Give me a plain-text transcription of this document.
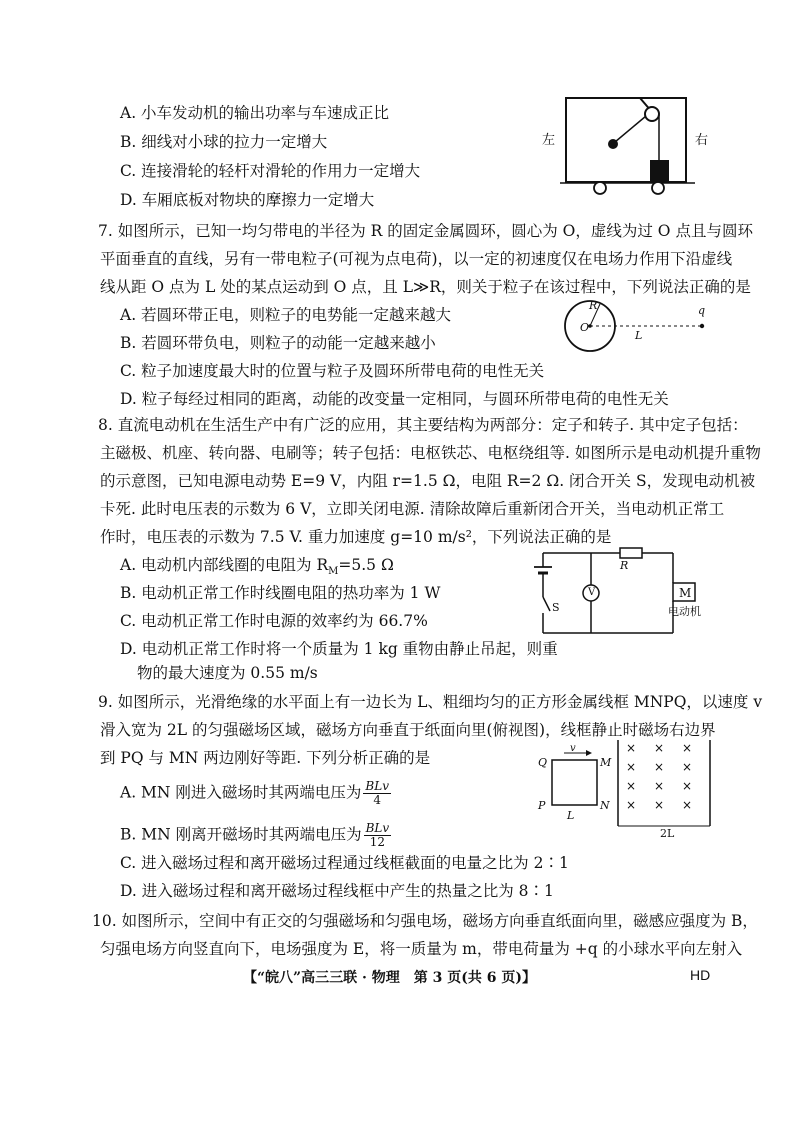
A. 小车发动机的输出功率与车速成正比
B. 细线对小球的拉力一定增大
C. 连接滑轮的轻杆对滑轮的作用力一定增大
D. 车厢底板对物块的摩擦力一定增大
左	右
7. 如图所示，已知一均匀带电的半径为 R 的固定金属圆环，圆心为 O，虚线为过 O 点且与圆环
平面垂直的直线，另有一带电粒子(可视为点电荷)，以一定的初速度仅在电场力作用下沿虚线
线从距 O 点为 L 处的某点运动到 O 点，且 L≫R，则关于粒子在该过程中，下列说法正确的是
A. 若圆环带正电，则粒子的电势能一定越来越大
B. 若圆环带负电，则粒子的动能一定越来越小
C. 粒子加速度最大时的位置与粒子及圆环所带电荷的电性无关
D. 粒子每经过相同的距离，动能的改变量一定相同，与圆环所带电荷的电性无关
R
O
L
q
8. 直流电动机在生活生产中有广泛的应用，其主要结构为两部分：定子和转子. 其中定子包括：
主磁极、机座、转向器、电刷等；转子包括：电枢铁芯、电枢绕组等. 如图所示是电动机提升重物
的示意图，已知电源电动势 E=9 V，内阻 r=1.5 Ω，电阻 R=2 Ω. 闭合开关 S，发现电动机被
卡死. 此时电压表的示数为 6 V，立即关闭电源. 清除故障后重新闭合开关，当电动机正常工
作时，电压表的示数为 7.5 V. 重力加速度 g=10 m/s²，下列说法正确的是
A. 电动机内部线圈的电阻为 $R_M=5.5$ Ω
B. 电动机正常工作时线圈电阻的热功率为 1 W
C. 电动机正常工作时电源的效率约为 66.7%
D. 电动机正常工作时将一个质量为 1 kg 重物由静止吊起，则重
物的最大速度为 0.55 m/s
R
V
S
M
电动机
9. 如图所示，光滑绝缘的水平面上有一边长为 L、粗细均匀的正方形金属线框 MNPQ，以速度 v
滑入宽为 2L 的匀强磁场区域，磁场方向垂直于纸面向里(俯视图)，线框静止时磁场右边界
到 PQ 与 MN 两边刚好等距. 下列分析正确的是
A. MN 刚进入磁场时其两端电压为 BLv
4
B. MN 刚离开磁场时其两端电压为 BLv
12
C. 进入磁场过程和离开磁场过程通过线框截面的电量之比为 2∶1
D. 进入磁场过程和离开磁场过程线框中产生的热量之比为 8∶1
× × ×
× × ×
× × ×
× × ×
Q	M
P	N
v
L
2L
10. 如图所示，空间中有正交的匀强磁场和匀强电场，磁场方向垂直纸面向里，磁感应强度为 B，
匀强电场方向竖直向下，电场强度为 E，将一质量为 m，带电荷量为 +q 的小球水平向左射入
【“皖八”高三三联 · 物理　第 3 页(共 6 页)】	HD
